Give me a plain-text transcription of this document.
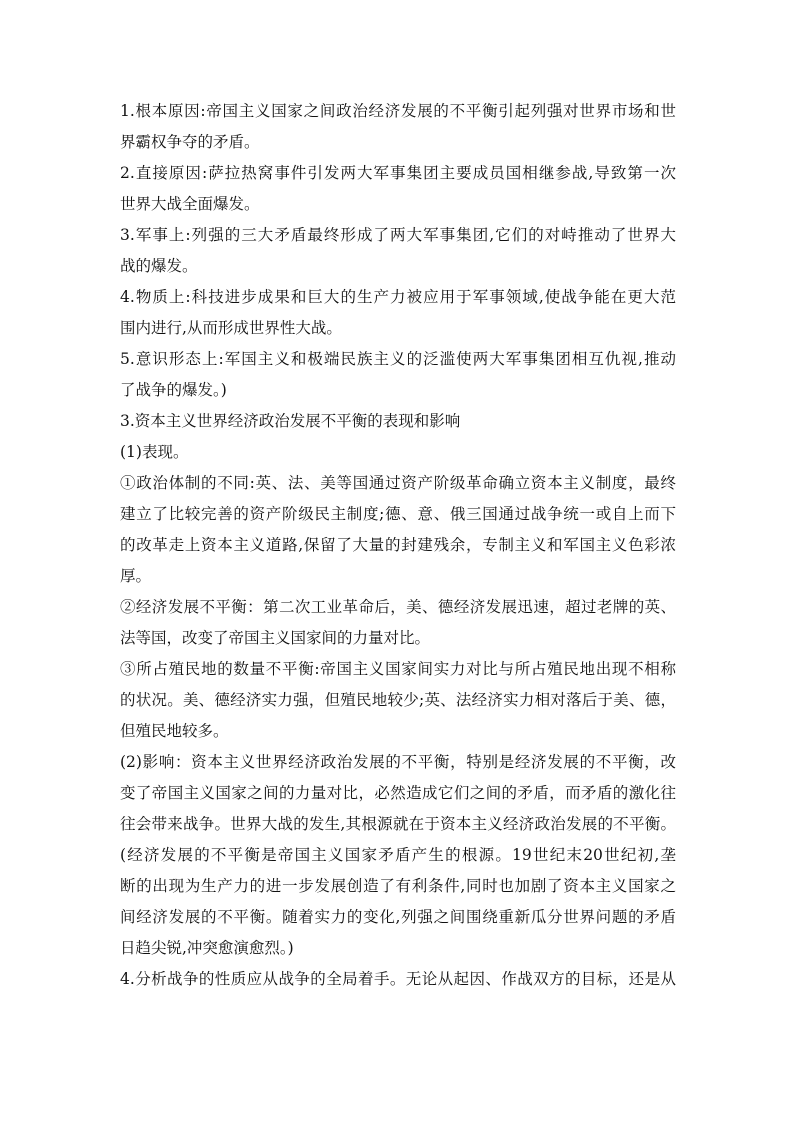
1.根本原因:帝国主义国家之间政治经济发展的不平衡引起列强对世界市场和世
界霸权争夺的矛盾。
2.直接原因:萨拉热窝事件引发两大军事集团主要成员国相继参战,导致第一次
世界大战全面爆发。
3.军事上:列强的三大矛盾最终形成了两大军事集团,它们的对峙推动了世界大
战的爆发。
4.物质上:科技进步成果和巨大的生产力被应用于军事领域,使战争能在更大范
围内进行,从而形成世界性大战。
5.意识形态上:军国主义和极端民族主义的泛滥使两大军事集团相互仇视,推动
了战争的爆发。)
3.资本主义世界经济政治发展不平衡的表现和影响
(1)表现。
①政治体制的不同:英、法、美等国通过资产阶级革命确立资本主义制度，最终
建立了比较完善的资产阶级民主制度;德、意、俄三国通过战争统一或自上而下
的改革走上资本主义道路,保留了大量的封建残余，专制主义和军国主义色彩浓
厚。
②经济发展不平衡：第二次工业革命后，美、德经济发展迅速，超过老牌的英、
法等国，改变了帝国主义国家间的力量对比。
③所占殖民地的数量不平衡:帝国主义国家间实力对比与所占殖民地出现不相称
的状况。美、德经济实力强，但殖民地较少;英、法经济实力相对落后于美、德，
但殖民地较多。
(2)影响：资本主义世界经济政治发展的不平衡，特别是经济发展的不平衡，改
变了帝国主义国家之间的力量对比，必然造成它们之间的矛盾，而矛盾的激化往
往会带来战争。世界大战的发生,其根源就在于资本主义经济政治发展的不平衡。
(经济发展的不平衡是帝国主义国家矛盾产生的根源。19世纪末20世纪初,垄
断的出现为生产力的进一步发展创造了有利条件,同时也加剧了资本主义国家之
间经济发展的不平衡。随着实力的变化,列强之间围绕重新瓜分世界问题的矛盾
日趋尖锐,冲突愈演愈烈。)
4.分析战争的性质应从战争的全局着手。无论从起因、作战双方的目标，还是从
